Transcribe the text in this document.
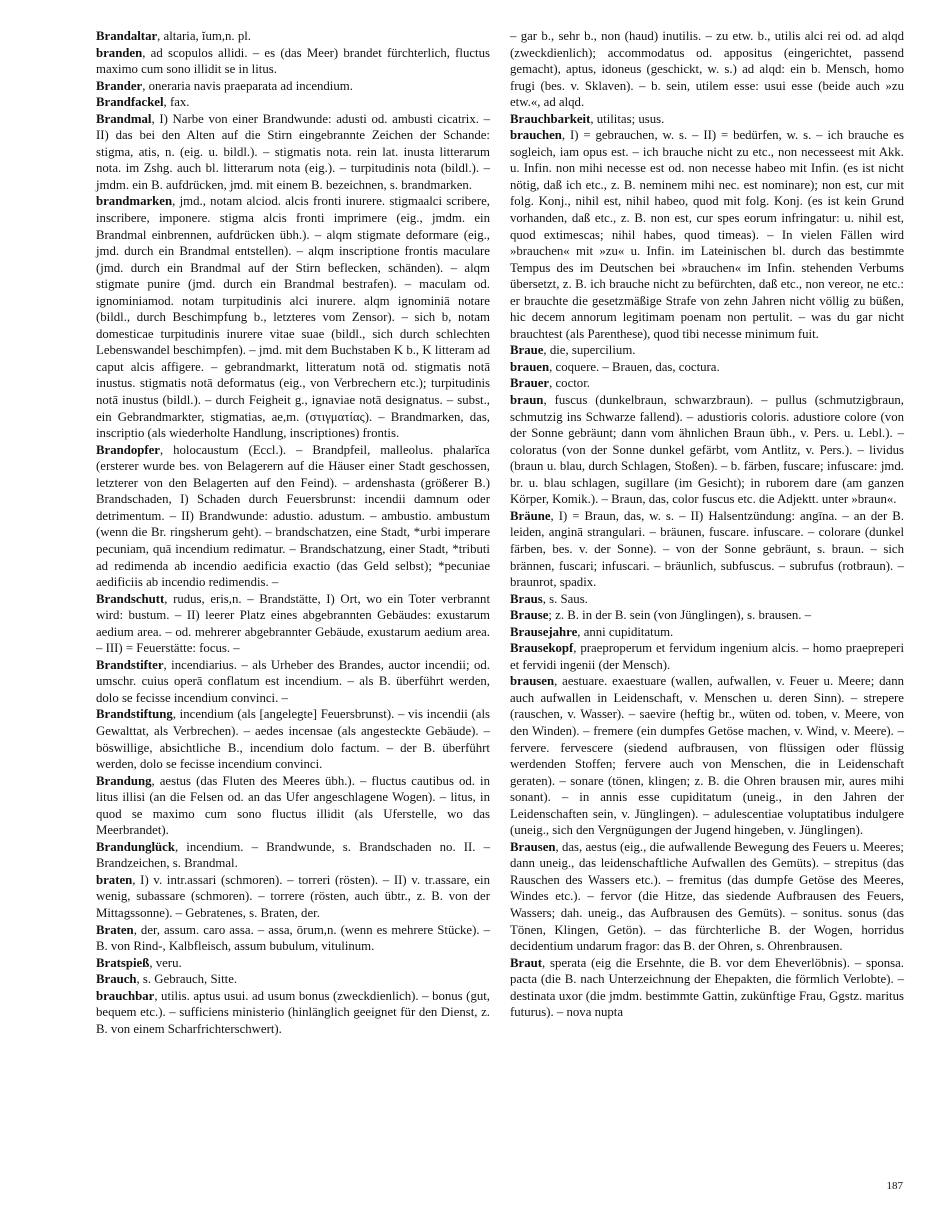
Brandaltar, altaria, ĭum,n. pl.

branden, ad scopulos allidi. – es (das Meer) brandet fürchterlich, fluctus maximo cum sono illidit se in litus.

Brander, oneraria navis praeparata ad incendium.

Brandfackel, fax.

Brandmal, I) Narbe von einer Brandwunde: adusti od. ambusti cicatrix. – II) das bei den Alten auf die Stirn eingebrannte Zeichen der Schande: stigma, atis, n. (eig. u. bildl.). – stigmatis nota. rein lat. inusta litterarum nota. im Zshg. auch bl. litterarum nota (eig.). – turpitudinis nota (bildl.). – jmdm. ein B. aufdrücken, jmd. mit einem B. bezeichnen, s. brandmarken.

brandmarken, jmd., notam alciod. alcis fronti inurere. stigmaalci scribere, inscribere, imponere. stigma alcis fronti imprimere (eig., jmdm. ein Brandmal einbrennen, aufdrücken übh.). – alqm stigmate deformare (eig., jmd. durch ein Brandmal entstellen). – alqm inscriptione frontis maculare (jmd. durch ein Brandmal auf der Stirn beflecken, schänden). – alqm stigmate punire (jmd. durch ein Brandmal bestrafen). – maculam od. ignominiamod. notam turpitudinis alci inurere. alqm ignominiā notare (bildl., durch Beschimpfung b., letzteres vom Zensor). – sich b, notam domesticae turpitudinis inurere vitae suae (bildl., sich durch schlechten Lebenswandel beschimpfen). – jmd. mit dem Buchstaben K b., K litteram ad caput alcis affigere. – gebrandmarkt, litteratum notā od. stigmatis notā inustus. stigmatis notā deformatus (eig., von Verbrechern etc.); turpitudinis notā inustus (bildl.). – durch Feigheit g., ignaviae notā designatus. – subst., ein Gebrandmarkter, stigmatias, ae,m. (στιγματίας). – Brandmarken, das, inscriptio (als wiederholte Handlung, inscriptiones) frontis.

Brandopfer, holocaustum (Eccl.). – Brandpfeil, malleolus. phalarĭca (ersterer wurde bes. von Belagerern auf die Häuser einer Stadt geschossen, letzterer von den Belagerten auf den Feind). – ardenshasta (größerer B.) Brandschaden, I) Schaden durch Feuersbrunst: incendii damnum oder detrimentum. – II) Brandwunde: adustio. adustum. – ambustio. ambustum (wenn die Br. ringsherum geht). – brandschatzen, eine Stadt, *urbi imperare pecuniam, quā incendium redimatur. – Brandschatzung, einer Stadt, *tributi ad redimenda ab incendio aedificia exactio (das Geld selbst); *pecuniae aedificiis ab incendio redimendis. –

Brandschutt, rudus, eris,n. – Brandstätte, I) Ort, wo ein Toter verbrannt wird: bustum. – II) leerer Platz eines abgebrannten Gebäudes: exustarum aedium area. – od. mehrerer abgebrannter Gebäude, exustarum aedium area. – III) = Feuerstätte: focus. –

Brandstifter, incendiarius. – als Urheber des Brandes, auctor incendii; od. umschr. cuius operā conflatum est incendium. – als B. überführt werden, dolo se fecisse incendium convinci. –

Brandstiftung, incendium (als [angelegte] Feuersbrunst). – vis incendii (als Gewalttat, als Verbrechen). – aedes incensae (als angesteckte Gebäude). – böswillige, absichtliche B., incendium dolo factum. – der B. überführt werden, dolo se fecisse incendium convinci.

Brandung, aestus (das Fluten des Meeres übh.). – fluctus cautibus od. in litus illisi (an die Felsen od. an das Ufer angeschlagene Wogen). – litus, in quod se maximo cum sono fluctus illidit (als Uferstelle, wo das Meerbrandet).

Brandunglück, incendium. – Brandwunde, s. Brandschaden no. II. – Brandzeichen, s. Brandmal.

braten, I) v. intr.assari (schmoren). – torreri (rösten). – II) v. tr.assare, ein wenig, subassare (schmoren). – torrere (rösten, auch übtr., z. B. von der Mittagssonne). – Gebratenes, s. Braten, der.

Braten, der, assum. caro assa. – assa, ōrum,n. (wenn es mehrere Stücke). – B. von Rind-, Kalbfleisch, assum bubulum, vitulinum.

Bratspieß, veru.

Brauch, s. Gebrauch, Sitte.

brauchbar, utilis. aptus usui. ad usum bonus (zweckdienlich). – bonus (gut, bequem etc.). – sufficiens ministerio (hinlänglich geeignet für den Dienst, z. B. von einem Scharfrichterschwert).

– gar b., sehr b., non (haud) inutilis. – zu etw. b., utilis alci rei od. ad alqd (zweckdienlich); accommodatus od. appositus (eingerichtet, passend gemacht), aptus, idoneus (geschickt, w. s.) ad alqd: ein b. Mensch, homo frugi (bes. v. Sklaven). – b. sein, utilem esse: usui esse (beide auch »zu etw.«, ad alqd.

Brauchbarkeit, utilitas; usus.

brauchen, I) = gebrauchen, w. s. – II) = bedürfen, w. s. – ich brauche es sogleich, iam opus est. – ich brauche nicht zu etc., non necesseest mit Akk. u. Infin. non mihi necesse est od. non necesse habeo mit Infin. (es ist nicht nötig, daß ich etc., z. B. neminem mihi nec. est nominare); non est, cur mit folg. Konj., nihil est, nihil habeo, quod mit folg. Konj. (es ist kein Grund vorhanden, daß etc., z. B. non est, cur spes eorum infringatur: u. nihil est, quod extimescas; nihil habes, quod timeas). – In vielen Fällen wird »brauchen« mit »zu« u. Infin. im Lateinischen bl. durch das bestimmte Tempus des im Deutschen bei »brauchen« im Infin. stehenden Verbums übersetzt, z. B. ich brauche nicht zu befürchten, daß etc., non vereor, ne etc.: er brauchte die gesetzmäßige Strafe von zehn Jahren nicht völlig zu büßen, hic decem annorum legitimam poenam non pertulit. – was du gar nicht brauchtest (als Parenthese), quod tibi necesse minimum fuit.

Braue, die, supercilium.

brauen, coquere. – Brauen, das, coctura.

Brauer, coctor.

braun, fuscus (dunkelbraun, schwarzbraun). – pullus (schmutzigbraun, schmutzig ins Schwarze fallend). – adustioris coloris. adustiore colore (von der Sonne gebräunt; dann vom ähnlichen Braun übh., v. Pers. u. Lebl.). – coloratus (von der Sonne dunkel gefärbt, vom Antlitz, v. Pers.). – lividus (braun u. blau, durch Schlagen, Stoßen). – b. färben, fuscare; infuscare: jmd. br. u. blau schlagen, sugillare (im Gesicht); in ruborem dare (am ganzen Körper, Komik.). – Braun, das, color fuscus etc. die Adjektt. unter »braun«.

Bräune, I) = Braun, das, w. s. – II) Halsentzündung: angīna. – an der B. leiden, anginā strangulari. – bräunen, fuscare. infuscare. – colorare (dunkel färben, bes. v. der Sonne). – von der Sonne gebräunt, s. braun. – sich brännen, fuscari; infuscari. – bräunlich, subfuscus. – subrufus (rotbraun). – braunrot, spadix.

Braus, s. Saus.

Brause; z. B. in der B. sein (von Jünglingen), s. brausen. –

Brausejahre, anni cupiditatum.

Brausekopf, praeproperum et fervidum ingenium alcis. – homo praepreperi et fervidi ingenii (der Mensch).

brausen, aestuare. exaestuare (wallen, aufwallen, v. Feuer u. Meere; dann auch aufwallen in Leidenschaft, v. Menschen u. deren Sinn). – strepere (rauschen, v. Wasser). – saevire (heftig br., wüten od. toben, v. Meere, von den Winden). – fremere (ein dumpfes Getöse machen, v. Wind, v. Meere). – fervere. fervescere (siedend aufbrausen, von flüssigen oder flüssig werdenden Stoffen; fervere auch von Menschen, die in Leidenschaft geraten). – sonare (tönen, klingen; z. B. die Ohren brausen mir, aures mihi sonant). – in annis esse cupiditatum (uneig., in den Jahren der Leidenschaften sein, v. Jünglingen). – adulescentiae voluptatibus indulgere (uneig., sich den Vergnügungen der Jugend hingeben, v. Jünglingen).

Brausen, das, aestus (eig., die aufwallende Bewegung des Feuers u. Meeres; dann uneig., das leidenschaftliche Aufwallen des Gemüts). – strepitus (das Rauschen des Wassers etc.). – fremitus (das dumpfe Getöse des Meeres, Windes etc.). – fervor (die Hitze, das siedende Aufbrausen des Feuers, Wassers; dah. uneig., das Aufbrausen des Gemüts). – sonitus. sonus (das Tönen, Klingen, Getön). – das fürchterliche B. der Wogen, horridus decidentium undarum fragor: das B. der Ohren, s. Ohrenbrausen.

Braut, sperata (eig die Ersehnte, die B. vor dem Eheverlöbnis). – sponsa. pacta (die B. nach Unterzeichnung der Ehepakten, die förmlich Verlobte). – destinata uxor (die jmdm. bestimmte Gattin, zukünftige Frau, Ggstz. maritus futurus). – nova nupta

187
